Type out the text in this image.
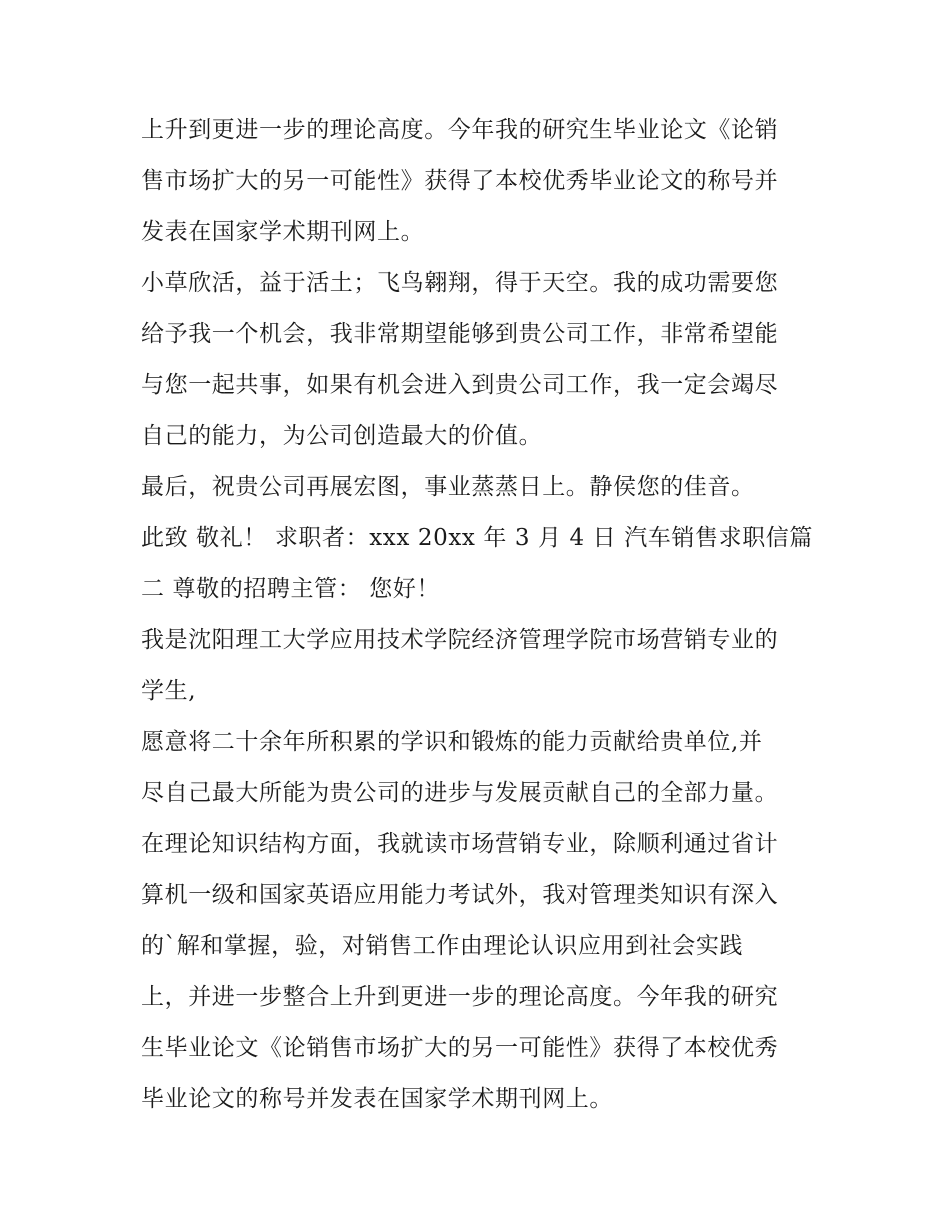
上升到更进一步的理论高度。今年我的研究生毕业论文《论销
售市场扩大的另一可能性》获得了本校优秀毕业论文的称号并
发表在国家学术期刊网上。
小草欣活，益于活土；飞鸟翱翔，得于天空。我的成功需要您
给予我一个机会，我非常期望能够到贵公司工作，非常希望能
与您一起共事，如果有机会进入到贵公司工作，我一定会竭尽
自己的能力，为公司创造最大的价值。
最后，祝贵公司再展宏图，事业蒸蒸日上。静侯您的佳音。
此致 敬礼！ 求职者：xxx 20xx 年 3 月 4 日 汽车销售求职信篇
二 尊敬的招聘主管： 您好！
我是沈阳理工大学应用技术学院经济管理学院市场营销专业的
学生,
愿意将二十余年所积累的学识和锻炼的能力贡献给贵单位,并
尽自己最大所能为贵公司的进步与发展贡献自己的全部力量。
在理论知识结构方面，我就读市场营销专业，除顺利通过省计
算机一级和国家英语应用能力考试外，我对管理类知识有深入
的`解和掌握，验，对销售工作由理论认识应用到社会实践
上，并进一步整合上升到更进一步的理论高度。今年我的研究
生毕业论文《论销售市场扩大的另一可能性》获得了本校优秀
毕业论文的称号并发表在国家学术期刊网上。
